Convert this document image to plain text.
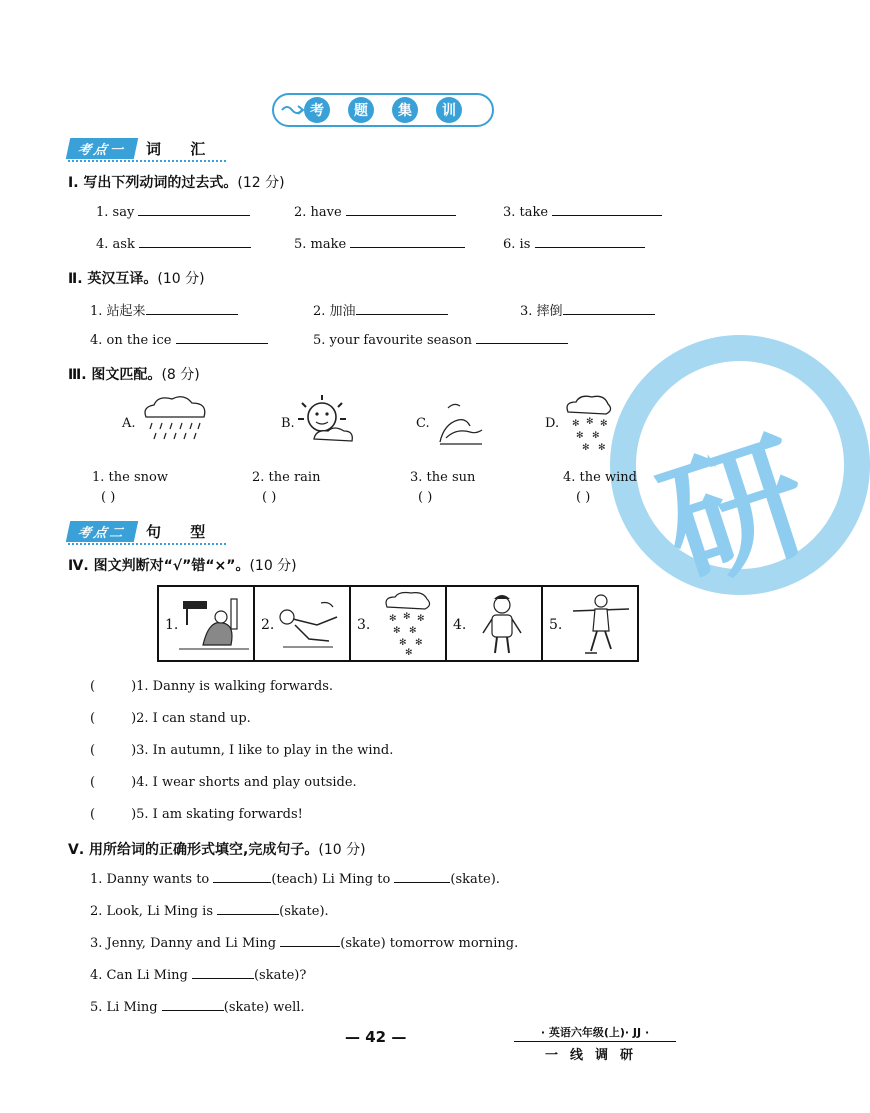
研
考	题	集	训
考点一	词 汇
Ⅰ. 写出下列动词的过去式。(12 分)
1. say	2. have	3. take
4. ask	5. make	6. is
Ⅱ. 英汉互译。(10 分)
1. 站起来	2. 加油	3. 摔倒
4. on the ice	5. your favourite season
Ⅲ. 图文匹配。(8 分)
A.	B.	C.	D. ✻ ✻ ✻
✻ ✻
✻ ✻
1. the snow	2. the rain	3. the sun	4. the wind
( )	( )	( )	( )
考点二	句 型
Ⅳ. 图文判断对“√”错“×”。(10 分)
1.	2.	3. ✻ ✻ ✻
✻ ✻
✻ ✻
✻
4.	5.
(	)1. Danny is walking forwards.
(	)2. I can stand up.
(	)3. In autumn, I like to play in the wind.
(	)4. I wear shorts and play outside.
(	)5. I am skating forwards!
Ⅴ. 用所给词的正确形式填空,完成句子。(10 分)
1. Danny wants to	(teach) Li Ming to	(skate).
2. Look, Li Ming is	(skate).
3. Jenny, Danny and Li Ming	(skate) tomorrow morning.
4. Can Li Ming	(skate)?
5. Li Ming	(skate) well.
— 42 —	· 英语六年级(上)· JJ ·
一线调研
